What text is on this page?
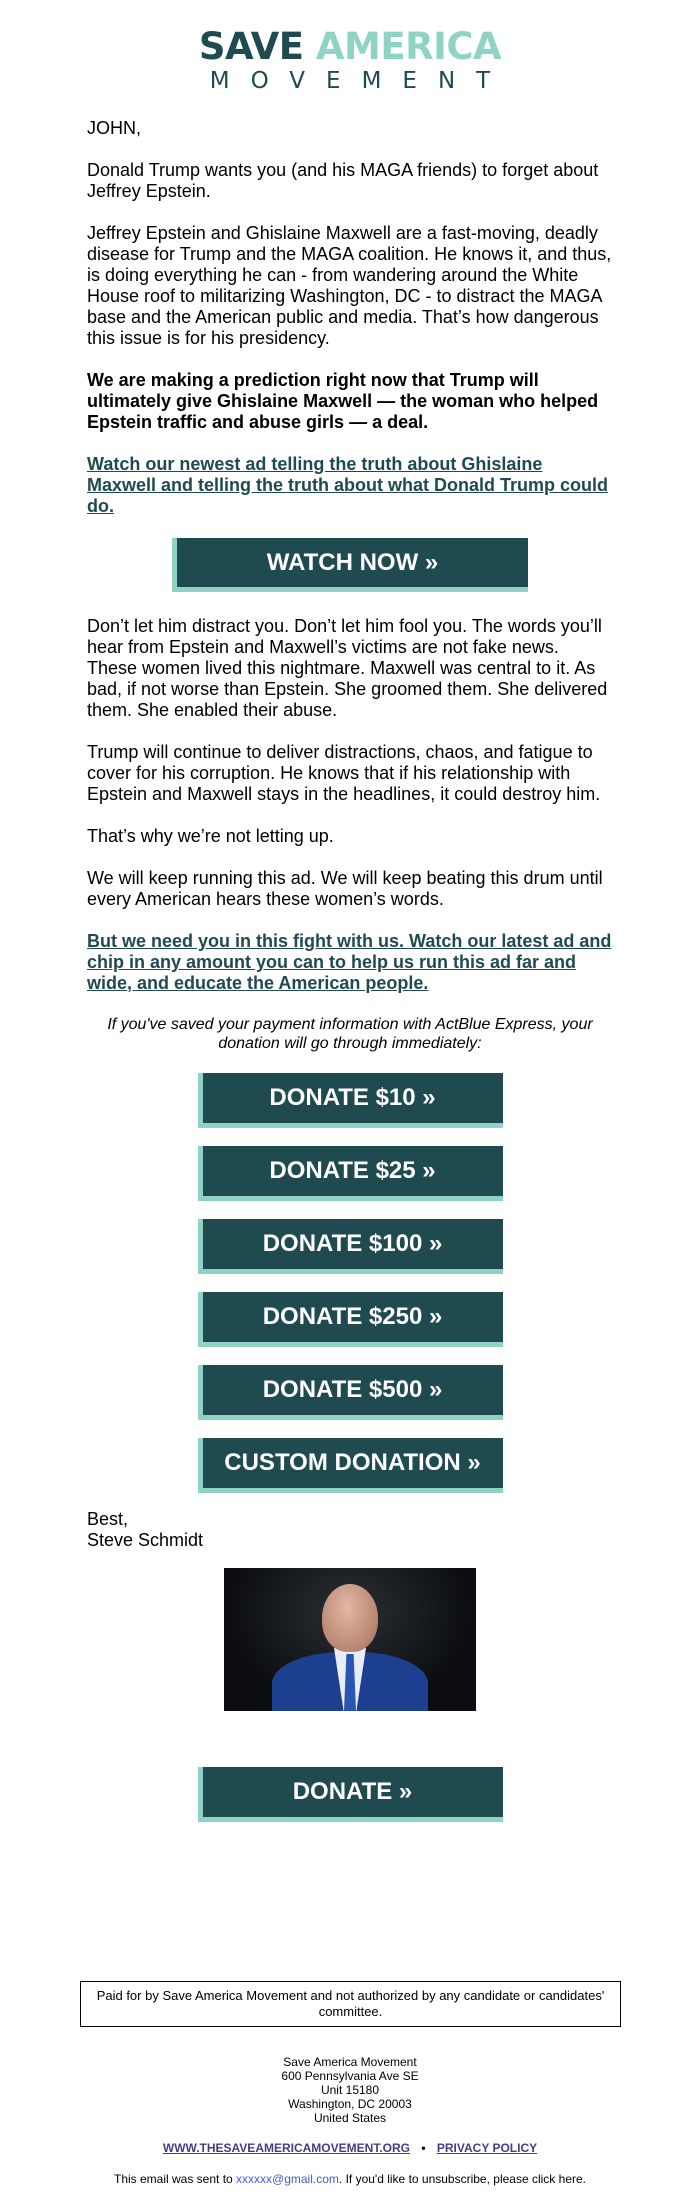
SAVE AMERICA
MOVEMENT
JOHN,
Donald Trump wants you (and his MAGA friends) to forget about Jeffrey Epstein.
Jeffrey Epstein and Ghislaine Maxwell are a fast-moving, deadly disease for Trump and the MAGA coalition. He knows it, and thus, is doing everything he can - from wandering around the White House roof to militarizing Washington, DC - to distract the MAGA base and the American public and media. That’s how dangerous this issue is for his presidency.
We are making a prediction right now that Trump will ultimately give Ghislaine Maxwell — the woman who helped Epstein traffic and abuse girls — a deal.
Watch our newest ad telling the truth about Ghislaine Maxwell and telling the truth about what Donald Trump could do.
WATCH NOW »
Don’t let him distract you. Don’t let him fool you. The words you’ll hear from Epstein and Maxwell’s victims are not fake news. These women lived this nightmare. Maxwell was central to it. As bad, if not worse than Epstein. She groomed them. She delivered them. She enabled their abuse.
Trump will continue to deliver distractions, chaos, and fatigue to cover for his corruption. He knows that if his relationship with Epstein and Maxwell stays in the headlines, it could destroy him.
That’s why we’re not letting up.
We will keep running this ad. We will keep beating this drum until every American hears these women’s words.
But we need you in this fight with us. Watch our latest ad and chip in any amount you can to help us run this ad far and wide, and educate the American people.
If you've saved your payment information with ActBlue Express, your donation will go through immediately:
DONATE $10 » DONATE $25 » DONATE $100 » DONATE $250 » DONATE $500 » CUSTOM DONATION »
Best,
Steve Schmidt
DONATE »
Paid for by Save America Movement and not authorized by any candidate or candidates' committee.
Save America Movement
600 Pennsylvania Ave SE
Unit 15180
Washington, DC 20003
United States
WWW.THESAVEAMERICAMOVEMENT.ORG • PRIVACY POLICY
This email was sent to xxxxxx@gmail.com. If you'd like to unsubscribe, please click here.
